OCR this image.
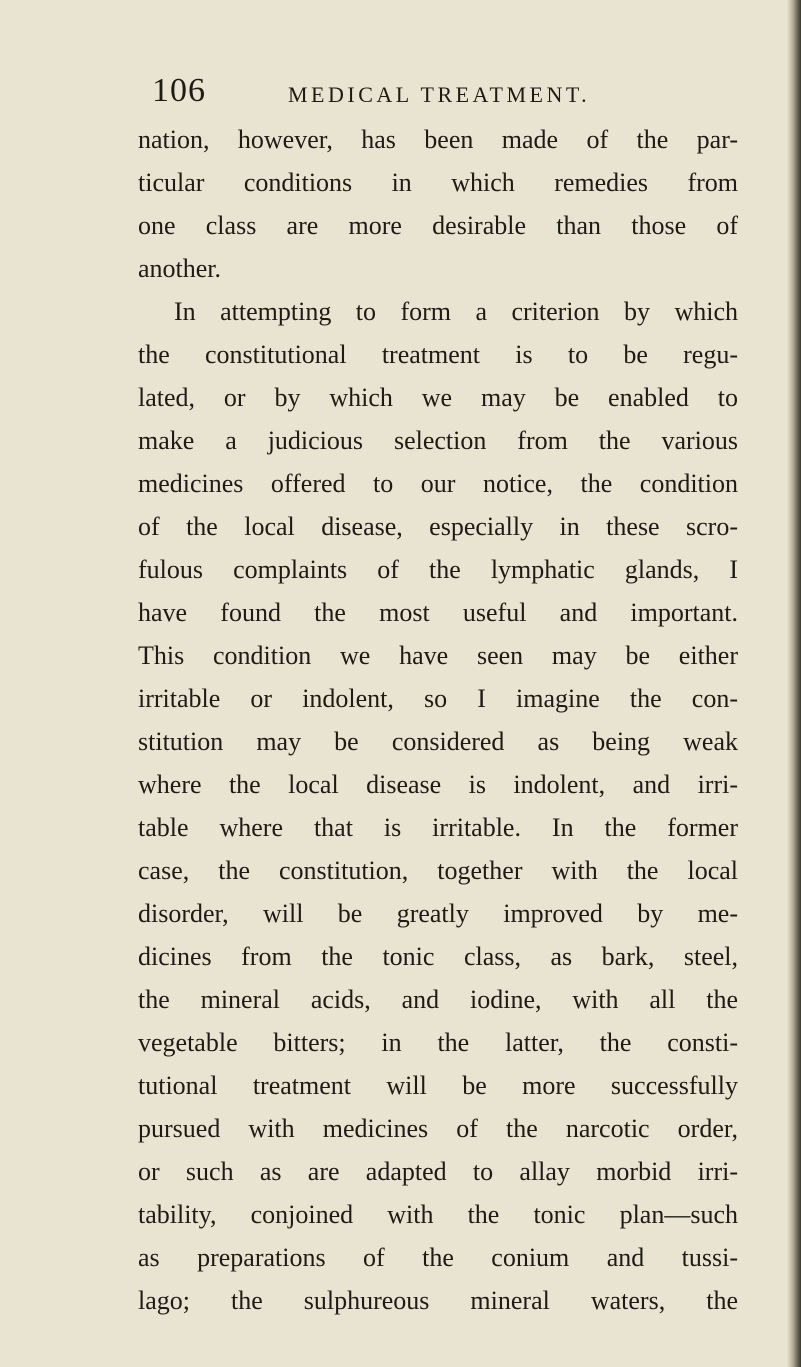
106	MEDICAL TREATMENT.
nation, however, has been made of the par-
ticular conditions in which remedies from
one class are more desirable than those of
another.
In attempting to form a criterion by which
the constitutional treatment is to be regu-
lated, or by which we may be enabled to
make a judicious selection from the various
medicines offered to our notice, the condition
of the local disease, especially in these scro-
fulous complaints of the lymphatic glands, I
have found the most useful and important.
This condition we have seen may be either
irritable or indolent, so I imagine the con-
stitution may be considered as being weak
where the local disease is indolent, and irri-
table where that is irritable. In the former
case, the constitution, together with the local
disorder, will be greatly improved by me-
dicines from the tonic class, as bark, steel,
the mineral acids, and iodine, with all the
vegetable bitters; in the latter, the consti-
tutional treatment will be more successfully
pursued with medicines of the narcotic order,
or such as are adapted to allay morbid irri-
tability, conjoined with the tonic plan—such
as preparations of the conium and tussi-
lago; the sulphureous mineral waters, the
